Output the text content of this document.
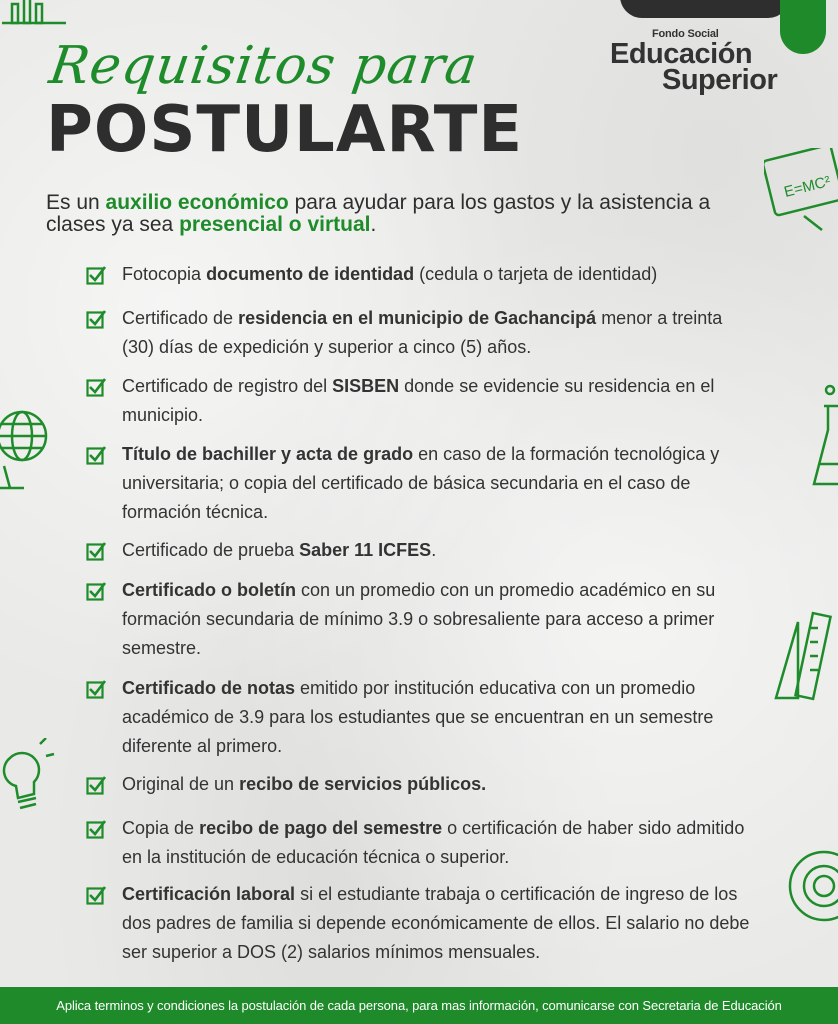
Fondo Social
Educación
Superior
Requisitos para
POSTULARTE
Es un auxilio económico para ayudar para los gastos y la asistencia a clases ya sea presencial o virtual.
Fotocopia documento de identidad (cedula o tarjeta de identidad)
Certificado de residencia en el municipio de Gachancipá menor a treinta (30) días de expedición y superior a cinco (5) años.
Certificado de registro del SISBEN donde se evidencie su residencia en el municipio.
Título de bachiller y acta de grado en caso de la formación tecnológica y universitaria; o copia del certificado de básica secundaria en el caso de formación técnica.
Certificado de prueba Saber 11 ICFES.
Certificado o boletín con un promedio con un promedio académico en su formación secundaria de mínimo 3.9 o sobresaliente para acceso a primer semestre.
Certificado de notas emitido por institución educativa con un promedio académico de 3.9 para los estudiantes que se encuentran en un semestre diferente al primero.
Original de un recibo de servicios públicos.
Copia de recibo de pago del semestre o certificación de haber sido admitido en la institución de educación técnica o superior.
Certificación laboral si el estudiante trabaja o certificación de ingreso de los dos padres de familia si depende económicamente de ellos. El salario no debe ser superior a DOS (2) salarios mínimos mensuales.
E=MC²
Aplica terminos y condiciones la postulación de cada persona, para mas información, comunicarse con Secretaria de Educación
